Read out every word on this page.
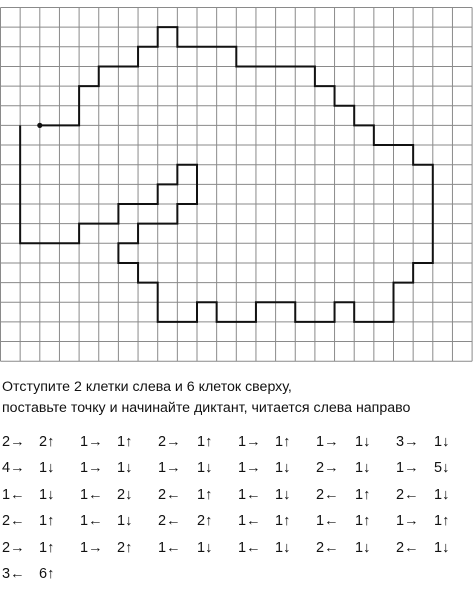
Отступите 2 клетки слева и 6 клеток сверху,
поставьте точку и начинайте диктант, читается слева направо
2→ 2↑ 1→ 1↑ 2→ 1↑ 1→ 1↑ 1→ 1↓ 3→ 1↓
4→ 1↓ 1→ 1↓ 1→ 1↓ 1→ 1↓ 2→ 1↓ 1→ 5↓
1← 1↓ 1← 2↓ 2← 1↑ 1← 1↓ 2← 1↑ 2← 1↓
2← 1↑ 1← 1↓ 2← 2↑ 1← 1↑ 1← 1↑ 1→ 1↑
2→ 1↑ 1→ 2↑ 1← 1↓ 1← 1↓ 2← 1↓ 2← 1↓
3← 6↑
